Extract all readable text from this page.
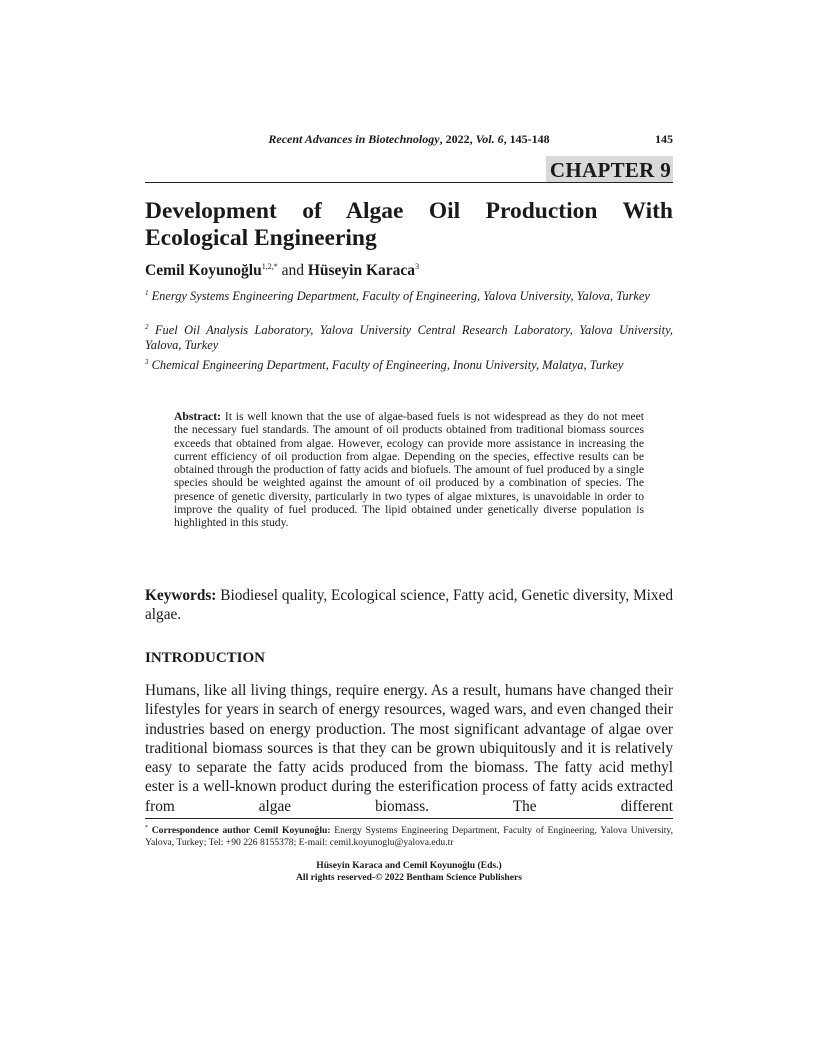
Recent Advances in Biotechnology, 2022, Vol. 6, 145-148	145
CHAPTER 9
Development of Algae Oil Production With
Ecological Engineering
Cemil Koyunoğlu$^{1,2,*}$ and Hüseyin Karaca$^3$
$^1$ Energy Systems Engineering Department, Faculty of Engineering, Yalova University, Yalova, Turkey
$^2$ Fuel Oil Analysis Laboratory, Yalova University Central Research Laboratory, Yalova University, Yalova, Turkey
$^3$ Chemical Engineering Department, Faculty of Engineering, Inonu University, Malatya, Turkey
Abstract: It is well known that the use of algae-based fuels is not widespread as they do not meet the necessary fuel standards. The amount of oil products obtained from traditional biomass sources exceeds that obtained from algae. However, ecology can provide more assistance in increasing the current efficiency of oil production from algae. Depending on the species, effective results can be obtained through the production of fatty acids and biofuels. The amount of fuel produced by a single species should be weighted against the amount of oil produced by a combination of species. The presence of genetic diversity, particularly in two types of algae mixtures, is unavoidable in order to improve the quality of fuel produced. The lipid obtained under genetically diverse population is highlighted in this study.
Keywords: Biodiesel quality, Ecological science, Fatty acid, Genetic diversity, Mixed algae.
INTRODUCTION
Humans, like all living things, require energy. As a result, humans have changed their lifestyles for years in search of energy resources, waged wars, and even changed their industries based on energy production. The most significant advantage of algae over traditional biomass sources is that they can be grown ubiquitously and it is relatively easy to separate the fatty acids produced from the biomass. The fatty acid methyl ester is a well-known product during the esterification process of fatty acids extracted from algae biomass. The different
* Correspondence author Cemil Koyunoğlu: Energy Systems Engineering Department, Faculty of Engineering, Yalova University, Yalova, Turkey; Tel: +90 226 8155378; E-mail: cemil.koyunoglu@yalova.edu.tr
Hüseyin Karaca and Cemil Koyunoğlu (Eds.)
All rights reserved-© 2022 Bentham Science Publishers
